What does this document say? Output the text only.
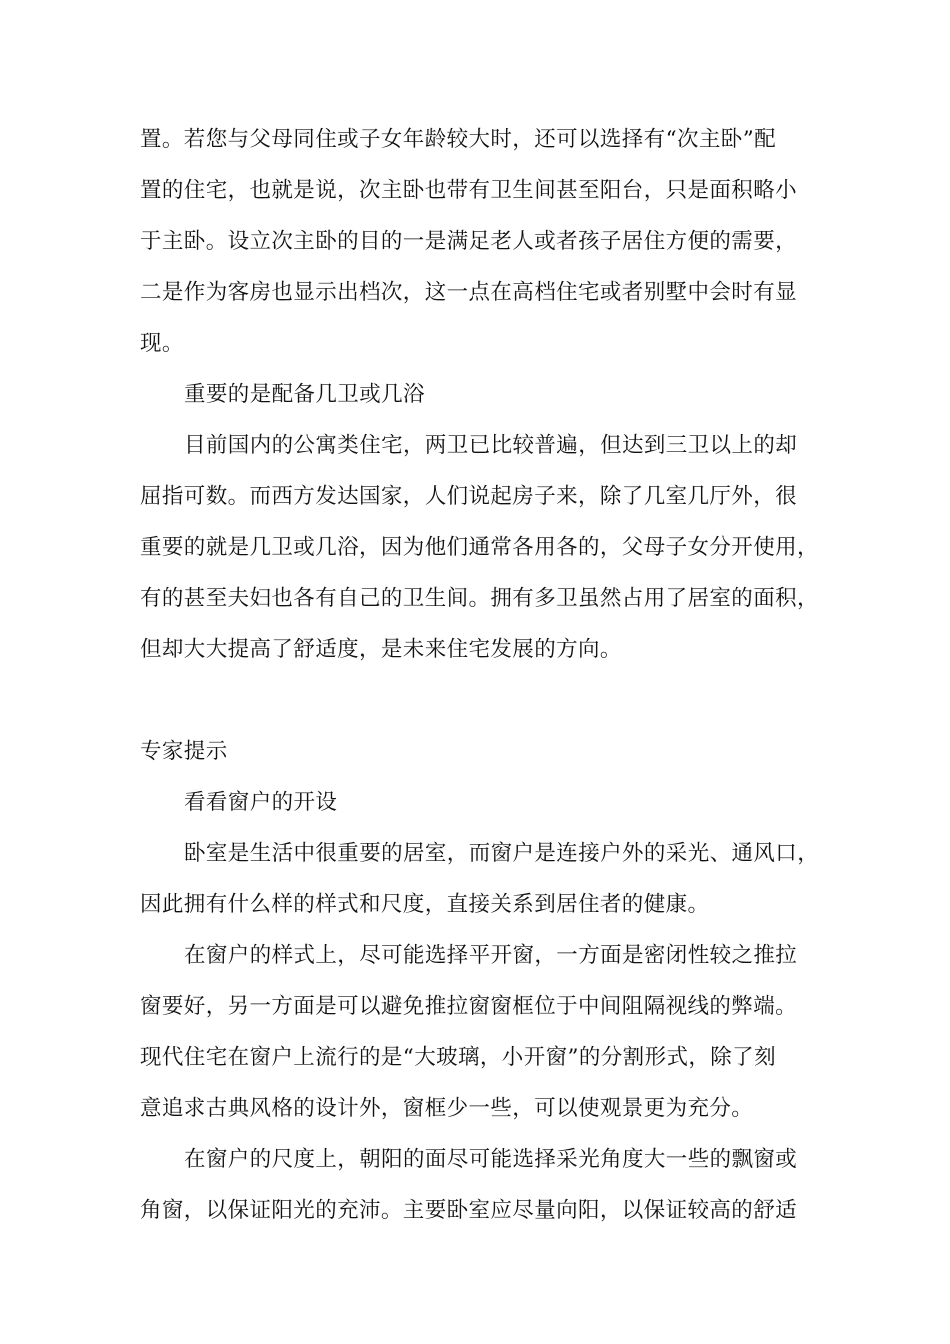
置。若您与父母同住或子女年龄较大时，还可以选择有“次主卧”配
置的住宅，也就是说，次主卧也带有卫生间甚至阳台，只是面积略小
于主卧。设立次主卧的目的一是满足老人或者孩子居住方便的需要，
二是作为客房也显示出档次，这一点在高档住宅或者别墅中会时有显
现。
重要的是配备几卫或几浴
目前国内的公寓类住宅，两卫已比较普遍，但达到三卫以上的却
屈指可数。而西方发达国家，人们说起房子来，除了几室几厅外，很
重要的就是几卫或几浴，因为他们通常各用各的，父母子女分开使用，
有的甚至夫妇也各有自己的卫生间。拥有多卫虽然占用了居室的面积，
但却大大提高了舒适度，是未来住宅发展的方向。
专家提示
看看窗户的开设
卧室是生活中很重要的居室，而窗户是连接户外的采光、通风口，
因此拥有什么样的样式和尺度，直接关系到居住者的健康。
在窗户的样式上，尽可能选择平开窗，一方面是密闭性较之推拉
窗要好，另一方面是可以避免推拉窗窗框位于中间阻隔视线的弊端。
现代住宅在窗户上流行的是“大玻璃，小开窗”的分割形式，除了刻
意追求古典风格的设计外，窗框少一些，可以使观景更为充分。
在窗户的尺度上，朝阳的面尽可能选择采光角度大一些的飘窗或
角窗，以保证阳光的充沛。主要卧室应尽量向阳，以保证较高的舒适
